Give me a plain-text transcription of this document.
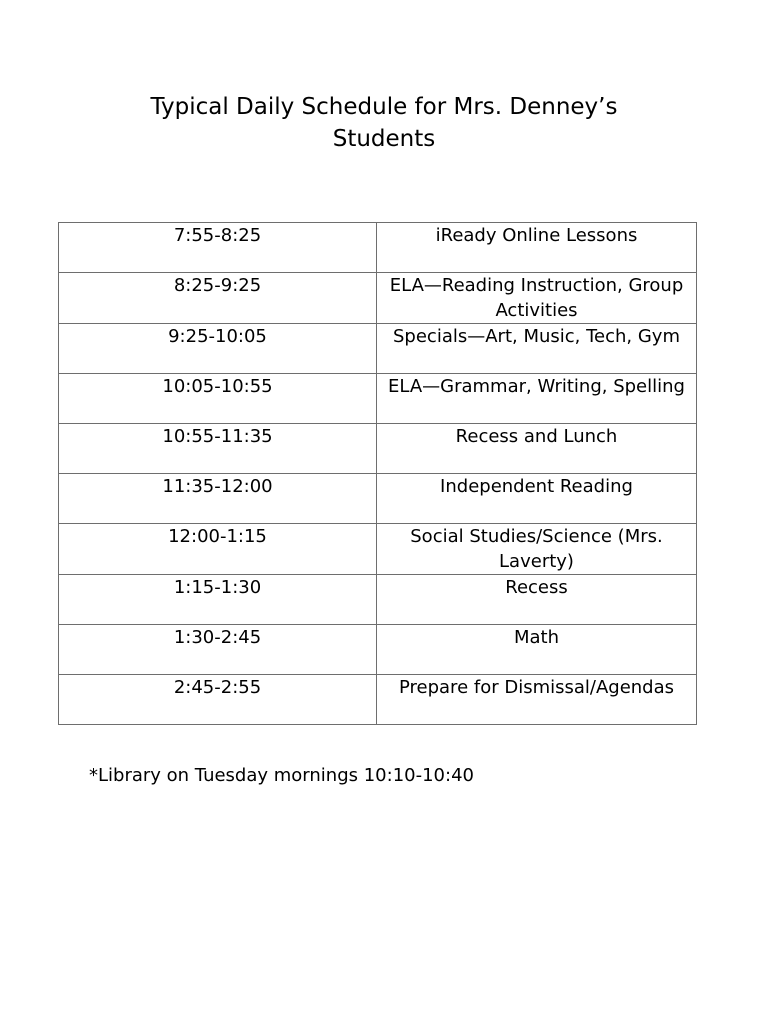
Typical Daily Schedule for Mrs. Denney’s Students
7:55-8:25	iReady Online Lessons

8:25-9:25	ELA—Reading Instruction, Group Activities

9:25-10:05	Specials—Art, Music, Tech, Gym

10:05-10:55	ELA—Grammar, Writing, Spelling

10:55-11:35	Recess and Lunch

11:35-12:00	Independent Reading

12:00-1:15	Social Studies/Science (Mrs. Laverty)

1:15-1:30	Recess

1:30-2:45	Math

2:45-2:55	Prepare for Dismissal/Agendas

*Library on Tuesday mornings 10:10-10:40
